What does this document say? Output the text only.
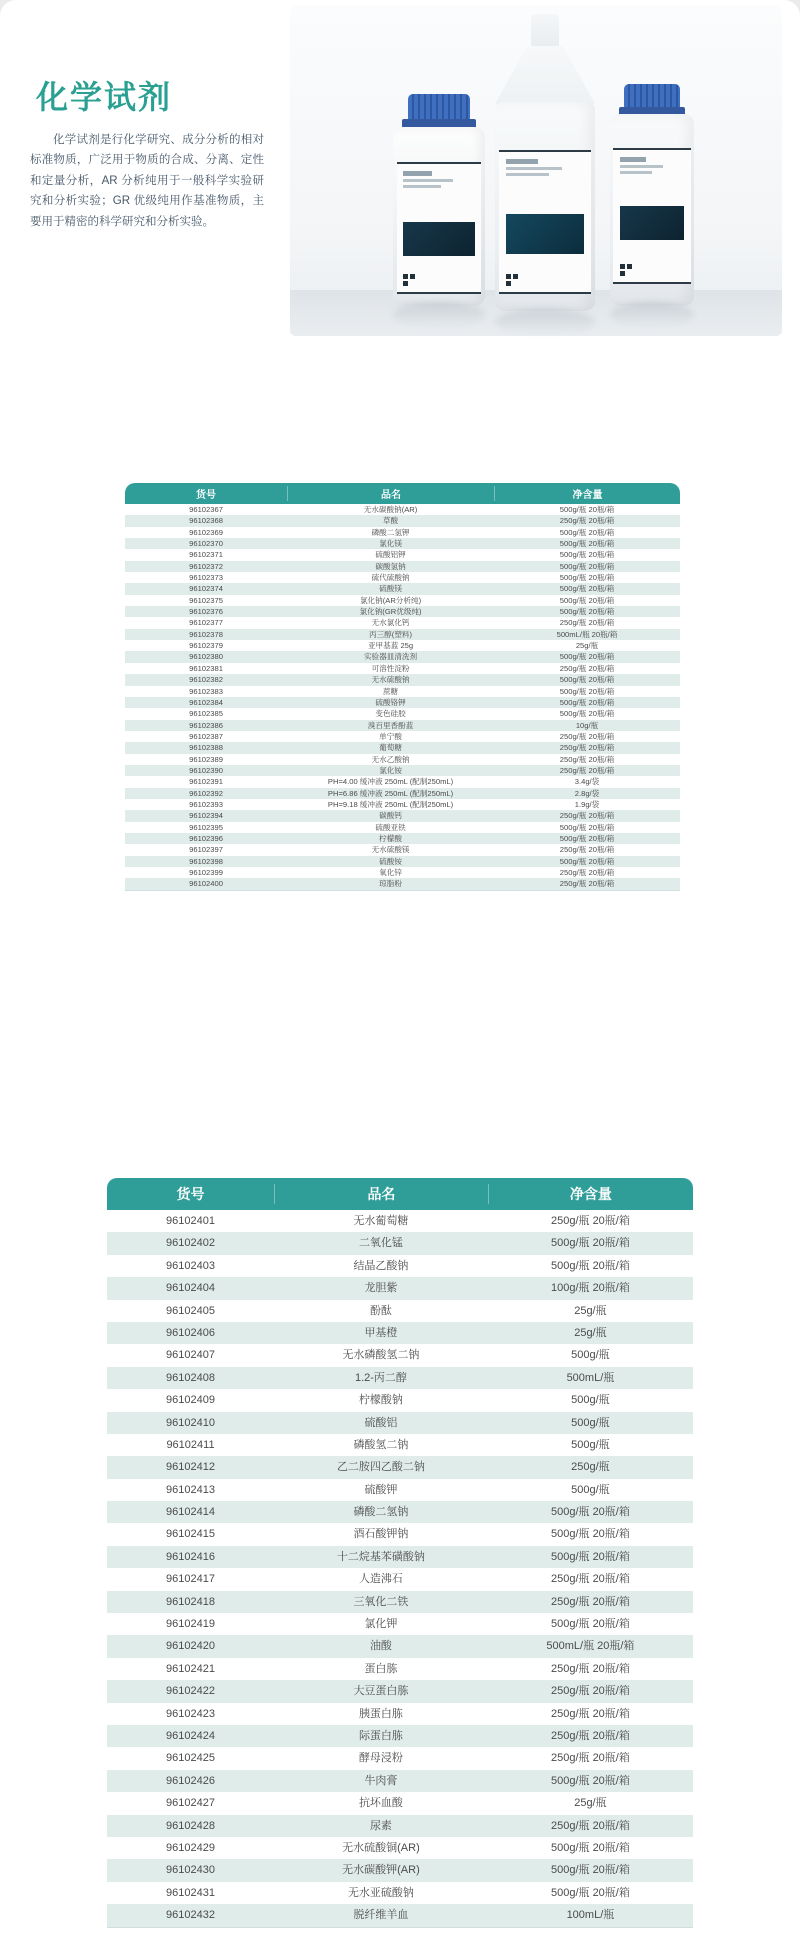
化学试剂
化学试剂是行化学研究、成分分析的相对标准物质，广泛用于物质的合成、分离、定性和定量分析，AR 分析纯用于一般科学实验研究和分析实验；GR 优级纯用作基准物质，主要用于精密的科学研究和分析实验。
货号	品名	净含量
96102367	无水碳酸钠(AR)	500g/瓶 20瓶/箱
96102368	草酸	250g/瓶 20瓶/箱
96102369	磷酸二氢钾	500g/瓶 20瓶/箱
96102370	氯化镁	500g/瓶 20瓶/箱
96102371	硫酸铝钾	500g/瓶 20瓶/箱
96102372	碳酸氢钠	500g/瓶 20瓶/箱
96102373	硫代硫酸钠	500g/瓶 20瓶/箱
96102374	硫酸镁	500g/瓶 20瓶/箱
96102375	氯化钠(AR分析纯)	500g/瓶 20瓶/箱
96102376	氯化钠(GR优级纯)	500g/瓶 20瓶/箱
96102377	无水氯化钙	250g/瓶 20瓶/箱
96102378	丙三醇(塑料)	500mL/瓶 20瓶/箱
96102379	亚甲基蓝 25g	25g/瓶
96102380	实验器皿清洗剂	500g/瓶 20瓶/箱
96102381	可溶性淀粉	250g/瓶 20瓶/箱
96102382	无水硫酸钠	500g/瓶 20瓶/箱
96102383	蔗糖	500g/瓶 20瓶/箱
96102384	硫酸铬钾	500g/瓶 20瓶/箱
96102385	变色硅胶	500g/瓶 20瓶/箱
96102386	溴百里香酚蓝	10g/瓶
96102387	单宁酸	250g/瓶 20瓶/箱
96102388	葡萄糖	250g/瓶 20瓶/箱
96102389	无水乙酸钠	250g/瓶 20瓶/箱
96102390	氯化铵	250g/瓶 20瓶/箱
96102391	PH=4.00 缓冲液 250mL (配制250mL)	3.4g/袋
96102392	PH=6.86 缓冲液 250mL (配制250mL)	2.8g/袋
96102393	PH=9.18 缓冲液 250mL (配制250mL)	1.9g/袋
96102394	碳酸钙	250g/瓶 20瓶/箱
96102395	硫酸亚铁	500g/瓶 20瓶/箱
96102396	柠檬酸	500g/瓶 20瓶/箱
96102397	无水硫酸镁	250g/瓶 20瓶/箱
96102398	硫酸铵	500g/瓶 20瓶/箱
96102399	氧化锌	250g/瓶 20瓶/箱
96102400	琼脂粉	250g/瓶 20瓶/箱
货号	品名	净含量
96102401	无水葡萄糖	250g/瓶 20瓶/箱
96102402	二氧化锰	500g/瓶 20瓶/箱
96102403	结晶乙酸钠	500g/瓶 20瓶/箱
96102404	龙胆紫	100g/瓶 20瓶/箱
96102405	酚酞	25g/瓶
96102406	甲基橙	25g/瓶
96102407	无水磷酸氢二钠	500g/瓶
96102408	1.2-丙二醇	500mL/瓶
96102409	柠檬酸钠	500g/瓶
96102410	硫酸铝	500g/瓶
96102411	磷酸氢二钠	500g/瓶
96102412	乙二胺四乙酸二钠	250g/瓶
96102413	硫酸钾	500g/瓶
96102414	磷酸二氢钠	500g/瓶 20瓶/箱
96102415	酒石酸钾钠	500g/瓶 20瓶/箱
96102416	十二烷基苯磺酸钠	500g/瓶 20瓶/箱
96102417	人造沸石	250g/瓶 20瓶/箱
96102418	三氧化二铁	250g/瓶 20瓶/箱
96102419	氯化钾	500g/瓶 20瓶/箱
96102420	油酸	500mL/瓶 20瓶/箱
96102421	蛋白胨	250g/瓶 20瓶/箱
96102422	大豆蛋白胨	250g/瓶 20瓶/箱
96102423	胰蛋白胨	250g/瓶 20瓶/箱
96102424	际蛋白胨	250g/瓶 20瓶/箱
96102425	酵母浸粉	250g/瓶 20瓶/箱
96102426	牛肉膏	500g/瓶 20瓶/箱
96102427	抗坏血酸	25g/瓶
96102428	尿素	250g/瓶 20瓶/箱
96102429	无水硫酸铜(AR)	500g/瓶 20瓶/箱
96102430	无水碳酸钾(AR)	500g/瓶 20瓶/箱
96102431	无水亚硫酸钠	500g/瓶 20瓶/箱
96102432	脱纤维羊血	100mL/瓶
